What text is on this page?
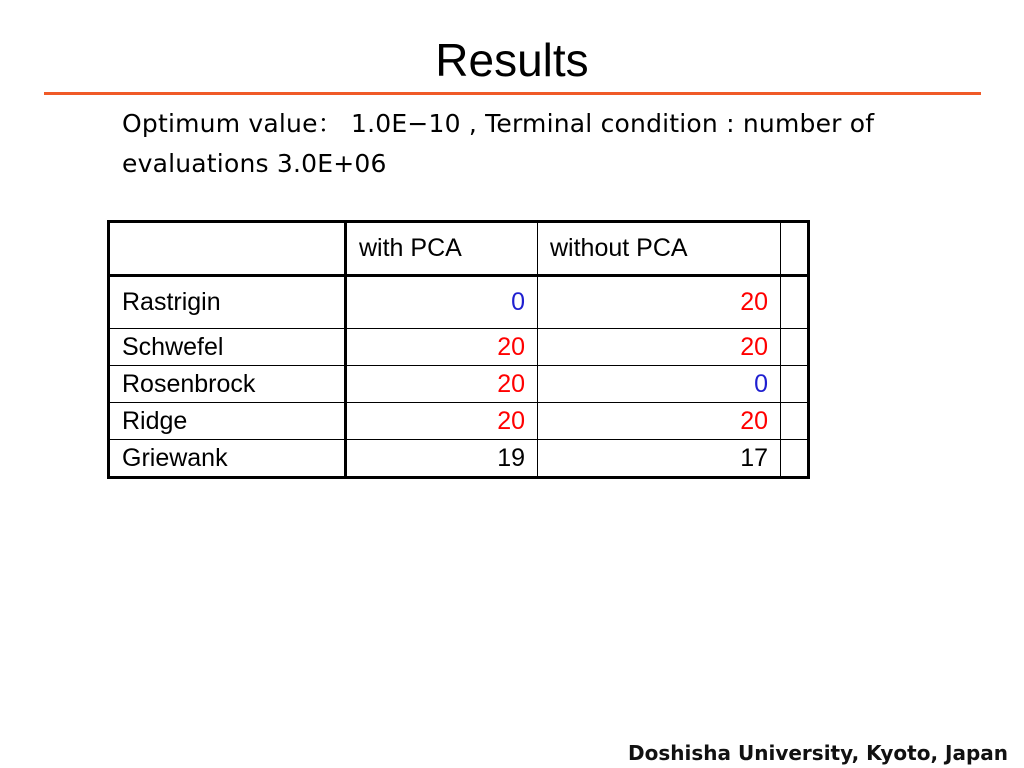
Results
Optimum value： 1.0E−10 , Terminal condition : number of evaluations 3.0E+06
	with PCA	without PCA	
Rastrigin	0	20	
Schwefel	20	20	
Rosenbrock	20	0	
Ridge	20	20	
Griewank	19	17	
Doshisha University, Kyoto, Japan
